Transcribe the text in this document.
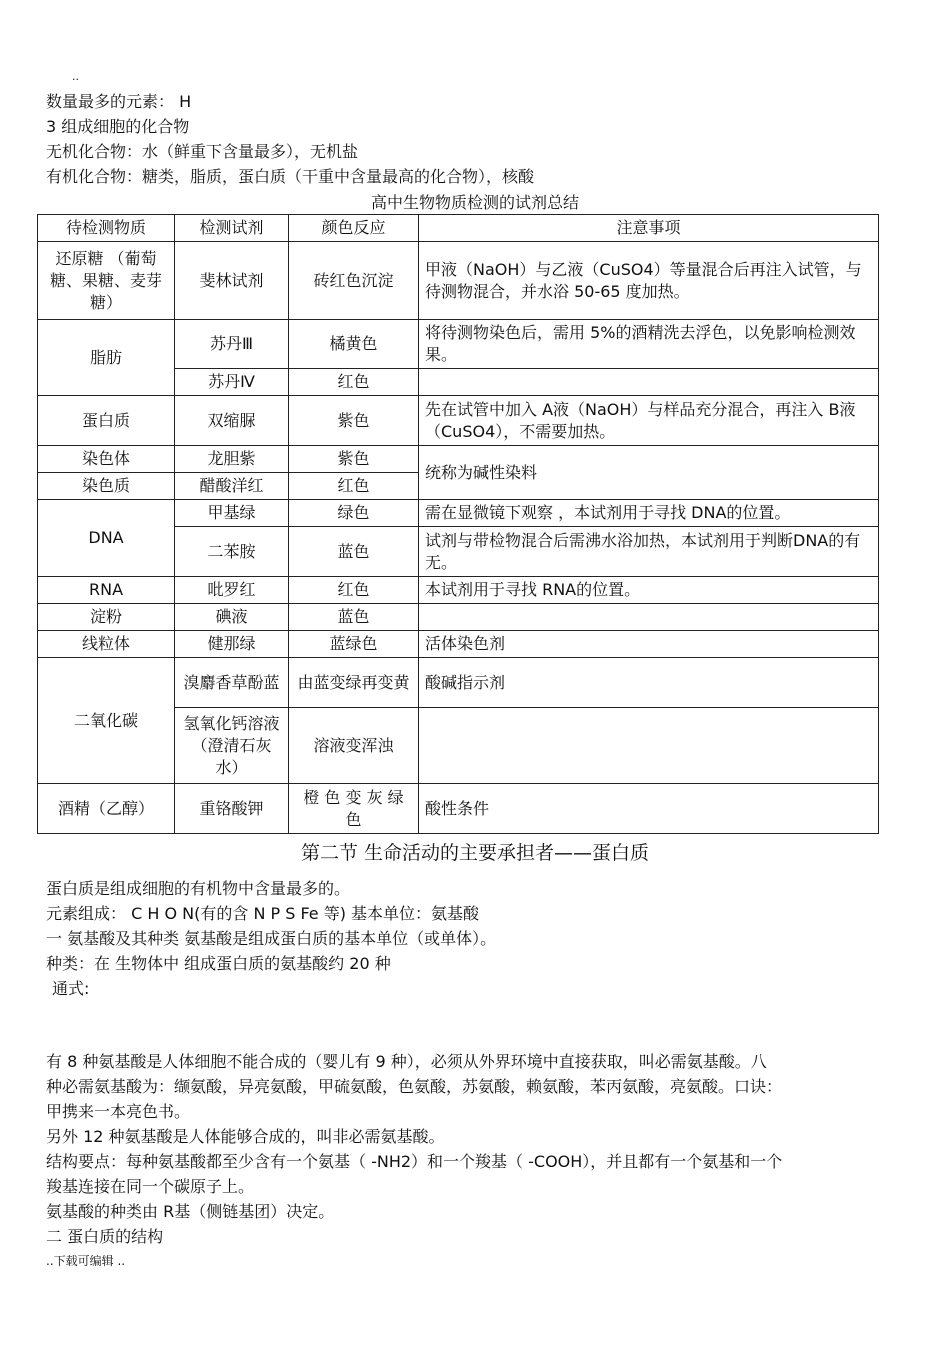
..
数量最多的元素： H
3 组成细胞的化合物
无机化合物：水（鲜重下含量最多），无机盐
有机化合物：糖类，脂质，蛋白质（干重中含量最高的化合物），核酸
高中生物物质检测的试剂总结
待检测物质	检测试剂	颜色反应	注意事项
还原糖 （葡萄糖、果糖、麦芽糖）	斐林试剂	砖红色沉淀	甲液（NaOH）与乙液（CuSO4）等量混合后再注入试管，与待测物混合，并水浴 50-65 度加热。
脂肪	苏丹Ⅲ	橘黄色	将待测物染色后，需用 5%的酒精洗去浮色，以免影响检测效果。
	苏丹Ⅳ	红色	
蛋白质	双缩脲	紫色	先在试管中加入 A液（NaOH）与样品充分混合，再注入 B液（CuSO4），不需要加热。
染色体	龙胆紫	紫色	统称为碱性染料
染色质	醋酸洋红	红色	
DNA	甲基绿	绿色	需在显微镜下观察 ，本试剂用于寻找 DNA的位置。
	二苯胺	蓝色	试剂与带检物混合后需沸水浴加热，本试剂用于判断DNA的有无。
RNA	吡罗红	红色	本试剂用于寻找 RNA的位置。
淀粉	碘液	蓝色	
线粒体	健那绿	蓝绿色	活体染色剂
二氧化碳	溴麝香草酚蓝	由蓝变绿再变黄	酸碱指示剂
	氢氧化钙溶液（澄清石灰水）	溶液变浑浊	
酒精（乙醇）	重铬酸钾	橙 色 变 灰 绿 色	酸性条件
第二节 生命活动的主要承担者——蛋白质
蛋白质是组成细胞的有机物中含量最多的。
元素组成： C H O N(有的含 N P S Fe 等) 基本单位：氨基酸
一 氨基酸及其种类 氨基酸是组成蛋白质的基本单位（或单体）。
种类：在 生物体中 组成蛋白质的氨基酸约 20 种
通式:
有 8 种氨基酸是人体细胞不能合成的（婴儿有 9 种），必须从外界环境中直接获取，叫必需氨基酸。八
种必需氨基酸为：缬氨酸，异亮氨酸，甲硫氨酸，色氨酸，苏氨酸，赖氨酸，苯丙氨酸，亮氨酸。口诀：
甲携来一本亮色书。
另外 12 种氨基酸是人体能够合成的，叫非必需氨基酸。
结构要点：每种氨基酸都至少含有一个氨基（ -NH2）和一个羧基（ -COOH），并且都有一个氨基和一个
羧基连接在同一个碳原子上。
氨基酸的种类由 R基（侧链基团）决定。
二 蛋白质的结构
..下载可编辑 ..
